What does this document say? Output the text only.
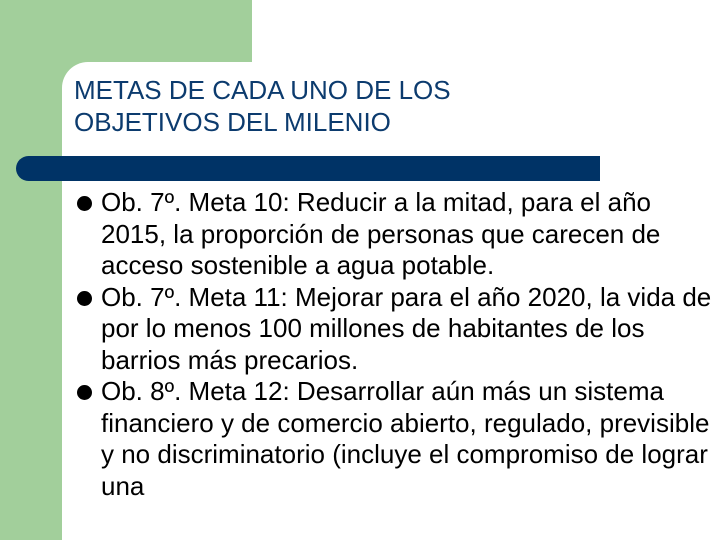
METAS DE CADA UNO DE LOS
OBJETIVOS DEL MILENIO
Ob. 7º. Meta 10: Reducir a la mitad, para el año 2015, la proporción de personas que carecen de acceso sostenible a agua potable.
Ob. 7º. Meta 11: Mejorar para el año 2020, la vida de por lo menos 100 millones de habitantes de los barrios más precarios.
Ob. 8º. Meta 12: Desarrollar aún más un sistema financiero y de comercio abierto, regulado, previsible y no discriminatorio (incluye el compromiso de lograr una
